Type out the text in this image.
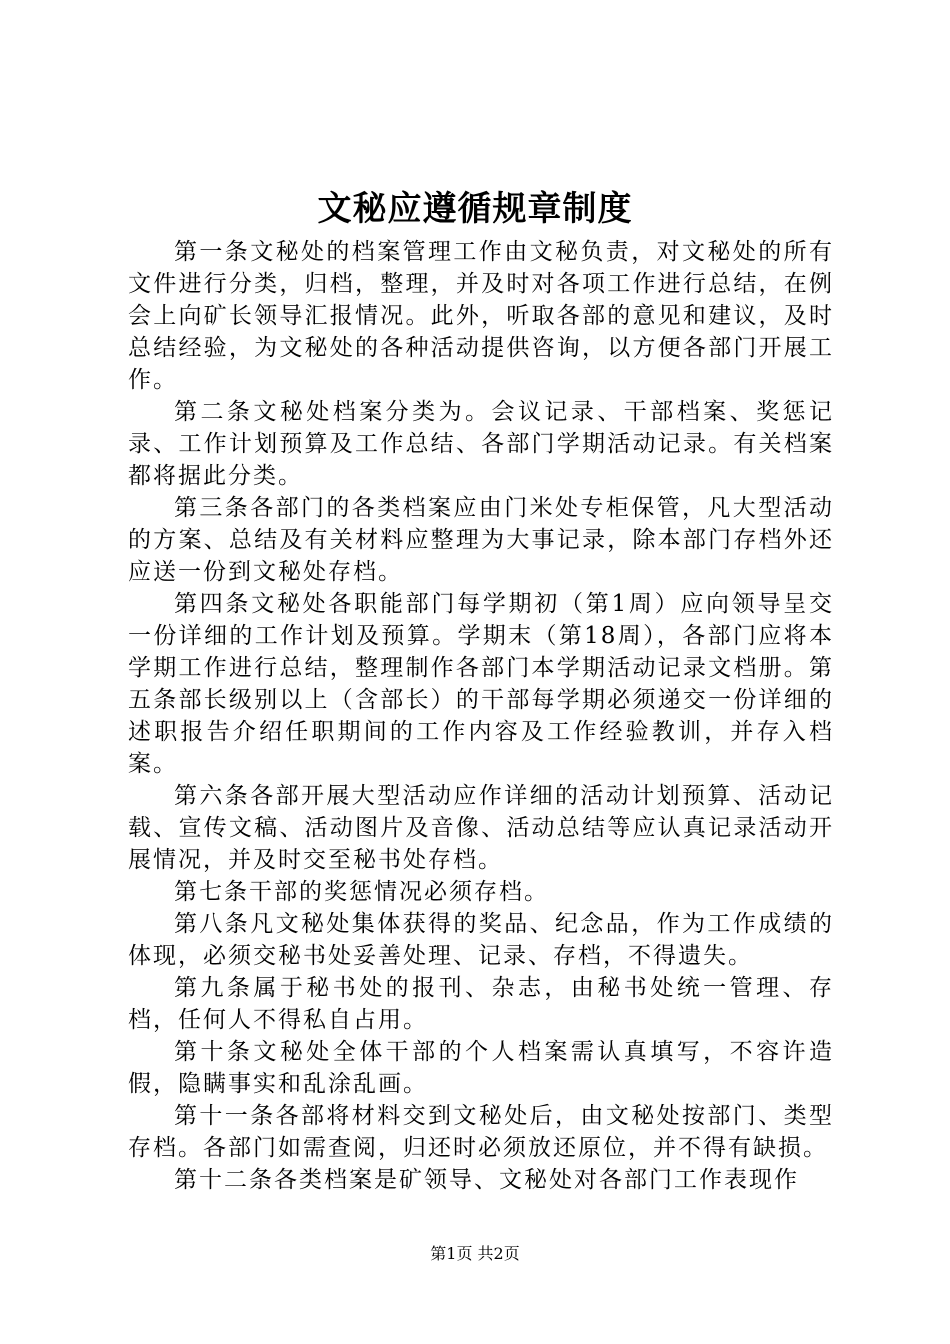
文秘应遵循规章制度

第一条文秘处的档案管理工作由文秘负责，对文秘处的所有文件进行分类，归档，整理，并及时对各项工作进行总结，在例会上向矿长领导汇报情况。此外，听取各部的意见和建议，及时总结经验，为文秘处的各种活动提供咨询，以方便各部门开展工作。

第二条文秘处档案分类为。会议记录、干部档案、奖惩记录、工作计划预算及工作总结、各部门学期活动记录。有关档案都将据此分类。

第三条各部门的各类档案应由门米处专柜保管，凡大型活动的方案、总结及有关材料应整理为大事记录，除本部门存档外还应送一份到文秘处存档。

第四条文秘处各职能部门每学期初（第1周）应向领导呈交一份详细的工作计划及预算。学期末（第18周），各部门应将本学期工作进行总结，整理制作各部门本学期活动记录文档册。第五条部长级别以上（含部长）的干部每学期必须递交一份详细的述职报告介绍任职期间的工作内容及工作经验教训，并存入档案。

第六条各部开展大型活动应作详细的活动计划预算、活动记载、宣传文稿、活动图片及音像、活动总结等应认真记录活动开展情况，并及时交至秘书处存档。

第七条干部的奖惩情况必须存档。

第八条凡文秘处集体获得的奖品、纪念品，作为工作成绩的体现，必须交秘书处妥善处理、记录、存档，不得遗失。

第九条属于秘书处的报刊、杂志，由秘书处统一管理、存档，任何人不得私自占用。

第十条文秘处全体干部的个人档案需认真填写，不容许造假，隐瞒事实和乱涂乱画。

第十一条各部将材料交到文秘处后，由文秘处按部门、类型存档。各部门如需查阅，归还时必须放还原位，并不得有缺损。

第十二条各类档案是矿领导、文秘处对各部门工作表现作

第1页 共2页
